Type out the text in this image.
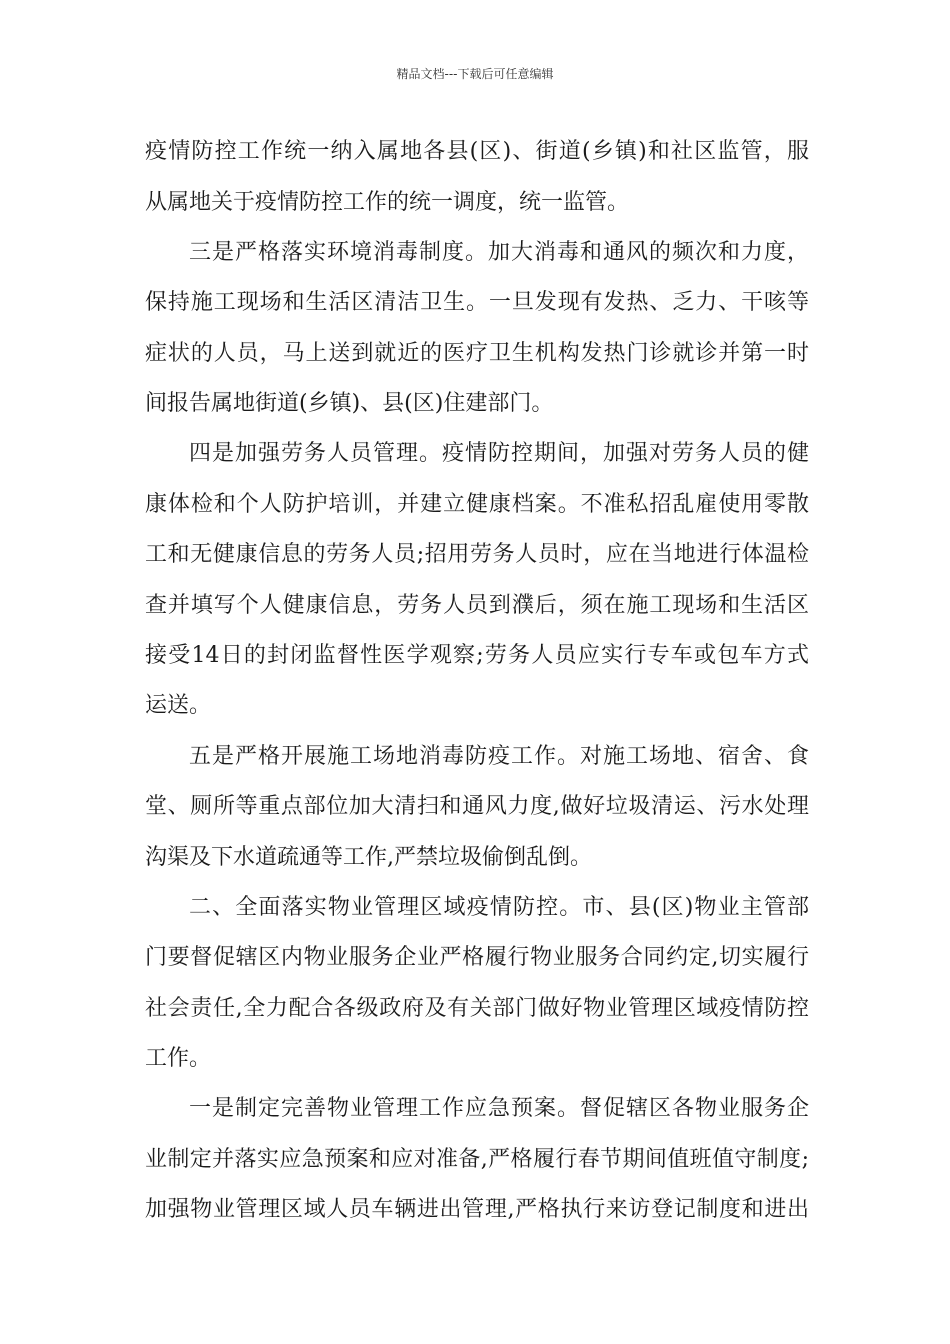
精品文档---下载后可任意编辑
疫情防控工作统一纳入属地各县(区)、街道(乡镇)和社区监管，服
从属地关于疫情防控工作的统一调度，统一监管。
三是严格落实环境消毒制度。加大消毒和通风的频次和力度，
保持施工现场和生活区清洁卫生。一旦发现有发热、乏力、干咳等
症状的人员，马上送到就近的医疗卫生机构发热门诊就诊并第一时
间报告属地街道(乡镇)、县(区)住建部门。
四是加强劳务人员管理。疫情防控期间，加强对劳务人员的健
康体检和个人防护培训，并建立健康档案。不准私招乱雇使用零散
工和无健康信息的劳务人员;招用劳务人员时，应在当地进行体温检
查并填写个人健康信息，劳务人员到濮后，须在施工现场和生活区
接受14日的封闭监督性医学观察;劳务人员应实行专车或包车方式
运送。
五是严格开展施工场地消毒防疫工作。对施工场地、宿舍、食
堂、厕所等重点部位加大清扫和通风力度,做好垃圾清运、污水处理
沟渠及下水道疏通等工作,严禁垃圾偷倒乱倒。
二、全面落实物业管理区域疫情防控。市、县(区)物业主管部
门要督促辖区内物业服务企业严格履行物业服务合同约定,切实履行
社会责任,全力配合各级政府及有关部门做好物业管理区域疫情防控
工作。
一是制定完善物业管理工作应急预案。督促辖区各物业服务企
业制定并落实应急预案和应对准备,严格履行春节期间值班值守制度;
加强物业管理区域人员车辆进出管理,严格执行来访登记制度和进出
